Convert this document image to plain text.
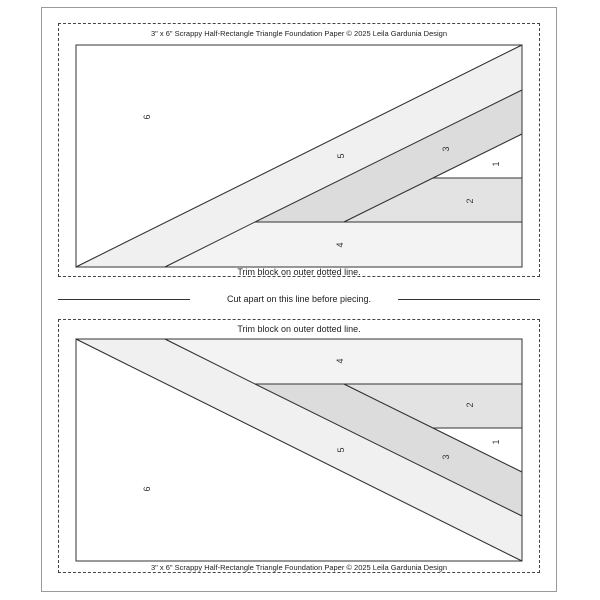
3" x 6" Scrappy Half-Rectangle Triangle Foundation Paper © 2025 Leila Gardunia Design
6
5
3
1
2
4
Trim block on outer dotted line.
Cut apart on this line before piecing.
Trim block on outer dotted line.
4
2
1
3
5
6
3" x 6" Scrappy Half-Rectangle Triangle Foundation Paper © 2025 Leila Gardunia Design
